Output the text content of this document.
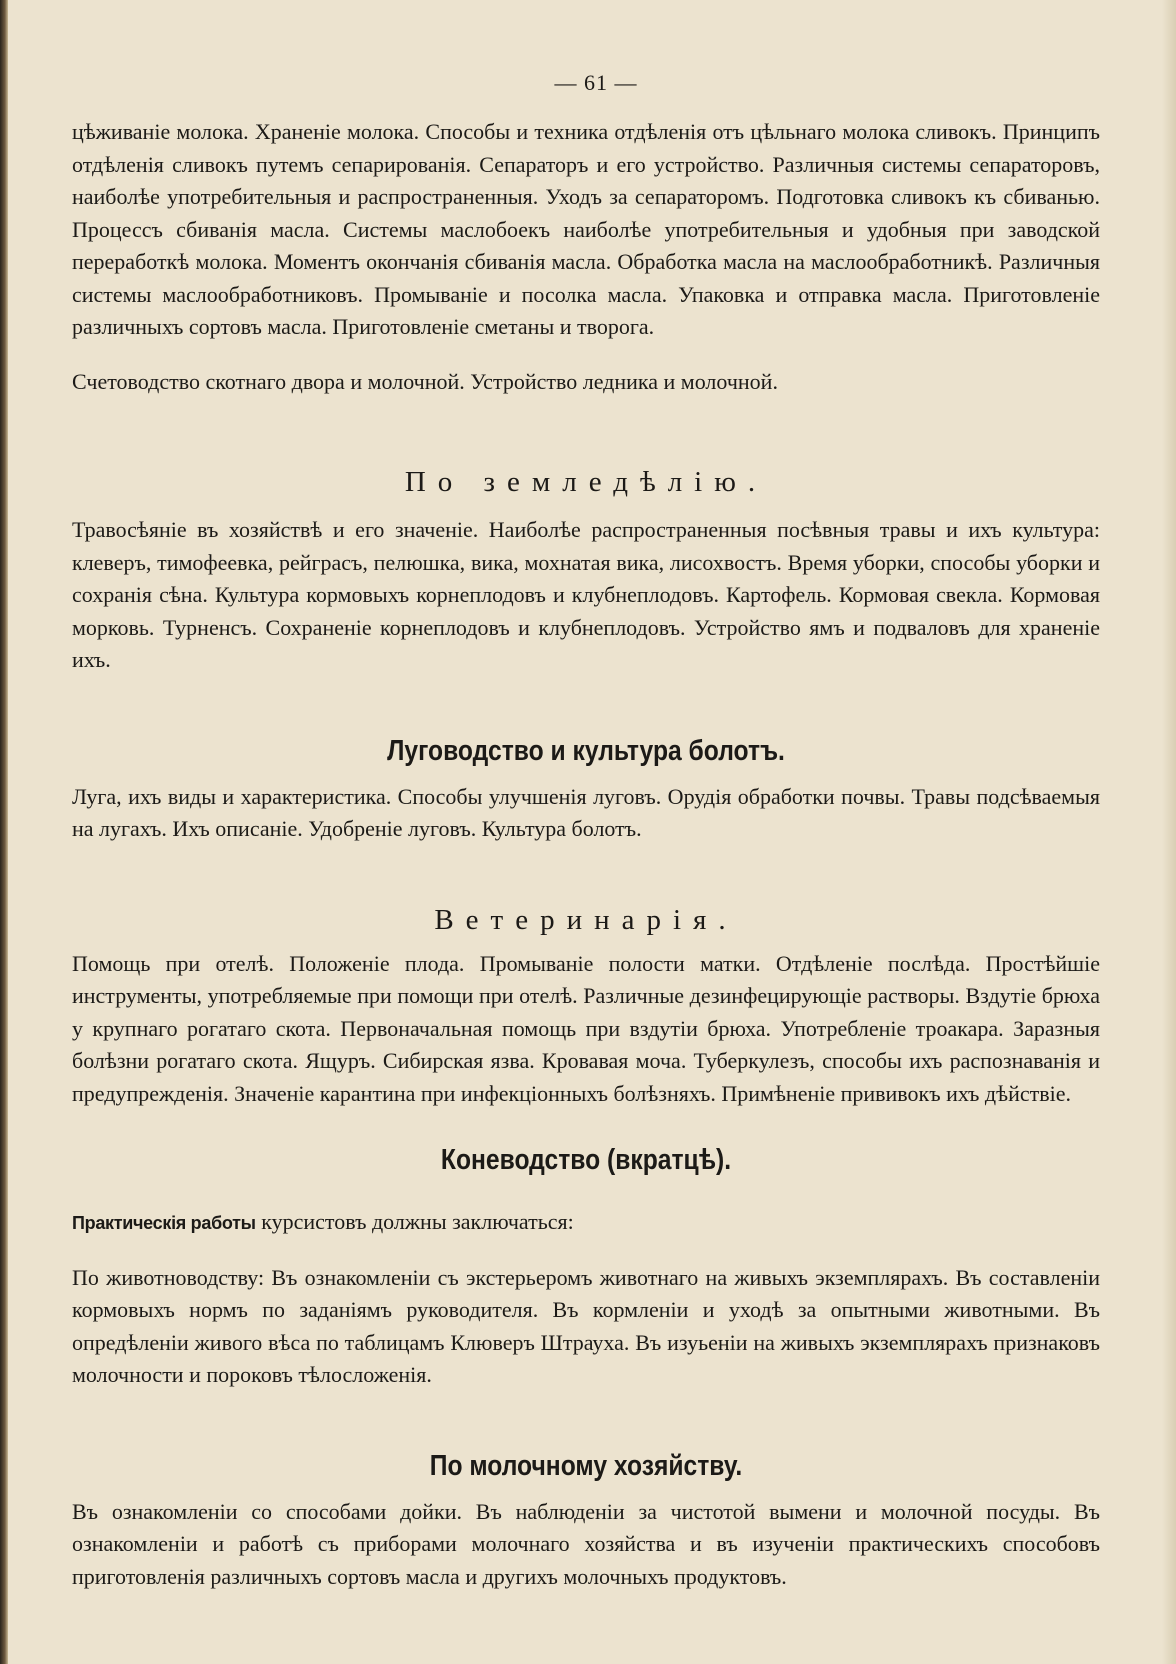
— 61 —

цѣживаніе молока. Храненіе молока. Способы и техника отдѣленія отъ цѣльнаго молока сливокъ. Принципъ отдѣленія сливокъ путемъ сепарированія. Сепараторъ и его устройство. Различныя системы сепараторовъ, наиболѣе употребительныя и распространенныя. Уходъ за сепараторомъ. Подготовка сливокъ къ сбиванью. Процессъ сбиванія масла. Системы маслобоекъ наиболѣе употребительныя и удобныя при заводской переработкѣ молока. Моментъ окончанія сбиванія масла. Обработка масла на маслообработникѣ. Различныя системы маслообработниковъ. Промываніе и посолка масла. Упаковка и отправка масла. Приготовленіе различныхъ сортовъ масла. Приготовленіе сметаны и творога.

Счетоводство скотнаго двора и молочной. Устройство ледника и молочной.

По земледѣлію.

Травосѣяніе въ хозяйствѣ и его значеніе. Наиболѣе распространенныя посѣвныя травы и ихъ культура: клеверъ, тимофеевка, рейграсъ, пелюшка, вика, мохнатая вика, лисохвостъ. Время уборки, способы уборки и сохранія сѣна. Культура кормовыхъ корнеплодовъ и клубнеплодовъ. Картофель. Кормовая свекла. Кормовая морковь. Турненсъ. Сохраненіе корнеплодовъ и клубнеплодовъ. Устройство ямъ и подваловъ для храненіе ихъ.

Луговодство и культура болотъ.

Луга, ихъ виды и характеристика. Способы улучшенія луговъ. Орудія обработки почвы. Травы подсѣваемыя на лугахъ. Ихъ описаніе. Удобреніе луговъ. Культура болотъ.

Ветеринарія.

Помощь при отелѣ. Положеніе плода. Промываніе полости матки. Отдѣленіе послѣда. Простѣйшіе инструменты, употребляемые при помощи при отелѣ. Различные дезинфецирующіе растворы. Вздутіе брюха у крупнаго рогатаго скота. Первоначальная помощь при вздутіи брюха. Употребленіе троакара. Заразныя болѣзни рогатаго скота. Ящуръ. Сибирская язва. Кровавая моча. Туберкулезъ, способы ихъ распознаванія и предупрежденія. Значеніе карантина при инфекціонныхъ болѣзняхъ. Примѣненіе прививокъ ихъ дѣйствіе.

Коневодство (вкратцѣ).

Практическія работы курсистовъ должны заключаться:

По животноводству: Въ ознакомленіи съ экстерьеромъ животнаго на живыхъ экземплярахъ. Въ составленіи кормовыхъ нормъ по заданіямъ руководителя. Въ кормленіи и уходѣ за опытными животными. Въ опредѣленіи живого вѣса по таблицамъ Клюверъ Штрауха. Въ изуьеніи на живыхъ экземплярахъ признаковъ молочности и пороковъ тѣлосложенія.

По молочному хозяйству.

Въ ознакомленіи со способами дойки. Въ наблюденіи за чистотой вымени и молочной посуды. Въ ознакомленіи и работѣ съ приборами молочнаго хозяйства и въ изученіи практическихъ способовъ приготовленія различныхъ сортовъ масла и другихъ молочныхъ продуктовъ.
